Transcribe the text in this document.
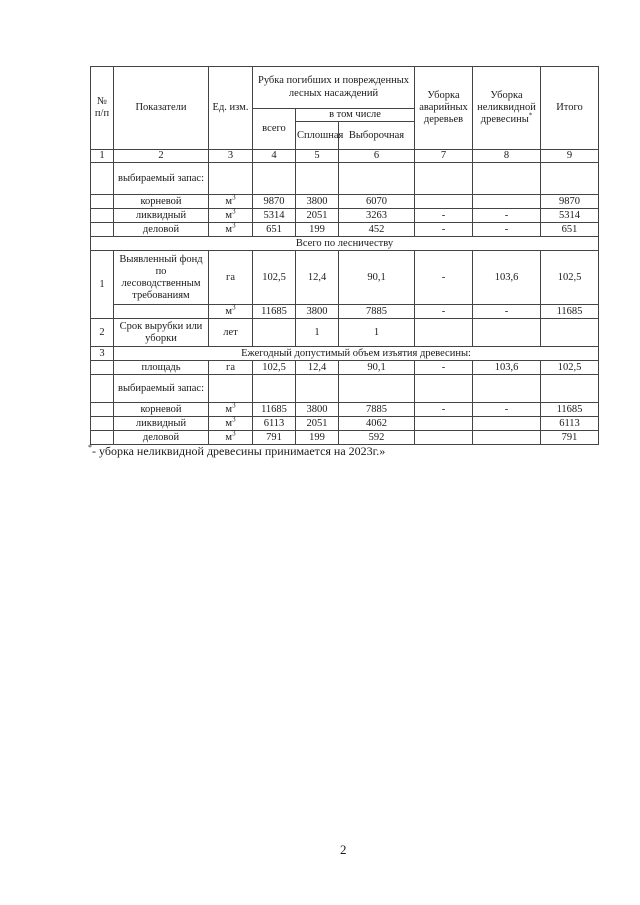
№ п/п	Показатели	Ед. изм.	Рубка погибших и поврежденных лесных насаждений			Уборка аварийных деревьев	Уборка неликвидной древесины*	Итого
			всего	в том числе				
				Сплошная	Выборочная			
1	2	3	4	5	6	7	8	9
	выбираемый запас:							
	корневой	$м^3$	9870	3800	6070			9870
	ликвидный	$м^3$	5314	2051	3263	-	-	5314
	деловой	$м^3$	651	199	452	-	-	651
Всего по лесничеству								
1	Выявленный фонд по лесоводственным требованиям	га	102,5	12,4	90,1	-	103,6	102,5
		$м^3$	11685	3800	7885	-	-	11685
2	Срок вырубки или уборки	лет		1	1			
3	Ежегодный допустимый объем изъятия древесины:							
	площадь	га	102,5	12,4	90,1	-	103,6	102,5
	выбираемый запас:							
	корневой	$м^3$	11685	3800	7885	-	-	11685
	ликвидный	$м^3$	6113	2051	4062			6113
	деловой	$м^3$	791	199	592			791
*- уборка неликвидной древесины принимается на 2023г.»
2
